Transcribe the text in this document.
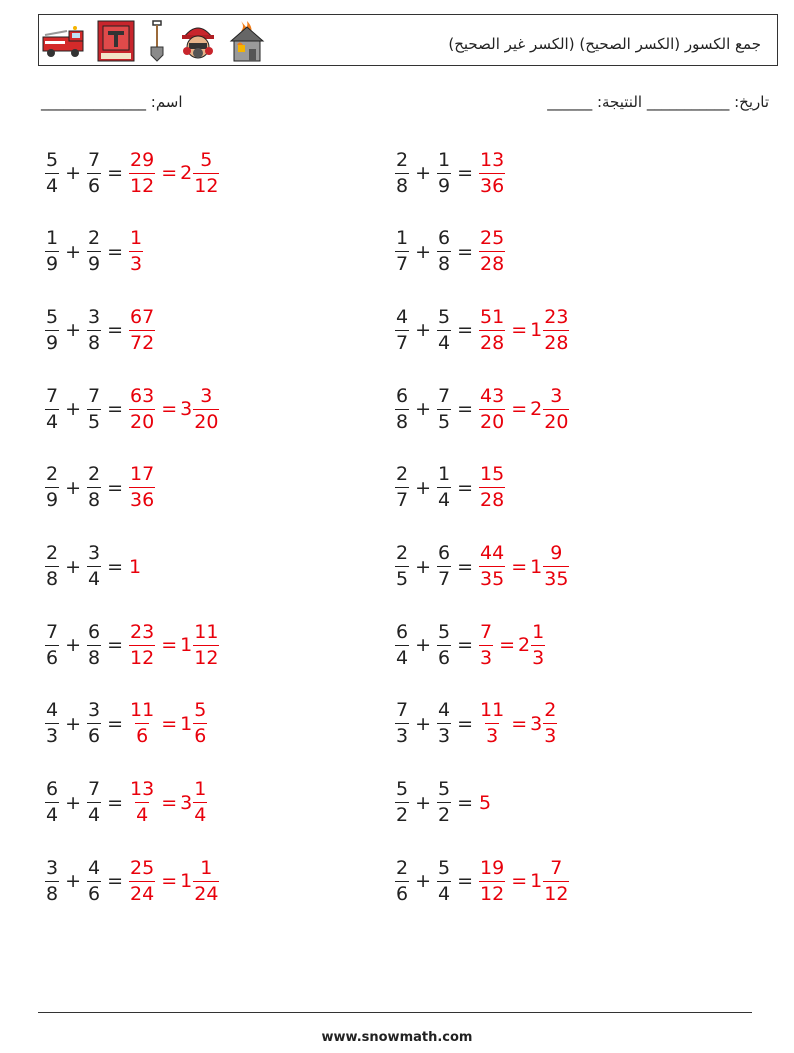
(جمع الكسور (الكسر الصحيح) (الكسر غير الصحيح
______________ :اسم	______ :تاريخ: ___________ النتيجة
$\frac{5}{4} + \frac{7}{6} = \frac{29}{12} = 2 \frac{5}{12}$	$\frac{2}{8} + \frac{1}{9} = \frac{13}{36}$
$\frac{1}{9} + \frac{2}{9} = \frac{1}{3}$	$\frac{1}{7} + \frac{6}{8} = \frac{25}{28}$
$\frac{5}{9} + \frac{3}{8} = \frac{67}{72}$	$\frac{4}{7} + \frac{5}{4} = \frac{51}{28} = 1 \frac{23}{28}$
$\frac{7}{4} + \frac{7}{5} = \frac{63}{20} = 3 \frac{3}{20}$	$\frac{6}{8} + \frac{7}{5} = \frac{43}{20} = 2 \frac{3}{20}$
$\frac{2}{9} + \frac{2}{8} = \frac{17}{36}$	$\frac{2}{7} + \frac{1}{4} = \frac{15}{28}$
$\frac{2}{8} + \frac{3}{4} = 1$	$\frac{2}{5} + \frac{6}{7} = \frac{44}{35} = 1 \frac{9}{35}$
$\frac{7}{6} + \frac{6}{8} = \frac{23}{12} = 1 \frac{11}{12}$	$\frac{6}{4} + \frac{5}{6} = \frac{7}{3} = 2 \frac{1}{3}$
$\frac{4}{3} + \frac{3}{6} = \frac{11}{6} = 1 \frac{5}{6}$	$\frac{7}{3} + \frac{4}{3} = \frac{11}{3} = 3 \frac{2}{3}$
$\frac{6}{4} + \frac{7}{4} = \frac{13}{4} = 3 \frac{1}{4}$	$\frac{5}{2} + \frac{5}{2} = 5$
$\frac{3}{8} + \frac{4}{6} = \frac{25}{24} = 1 \frac{1}{24}$	$\frac{2}{6} + \frac{5}{4} = \frac{19}{12} = 1 \frac{7}{12}$
www.snowmath.com
